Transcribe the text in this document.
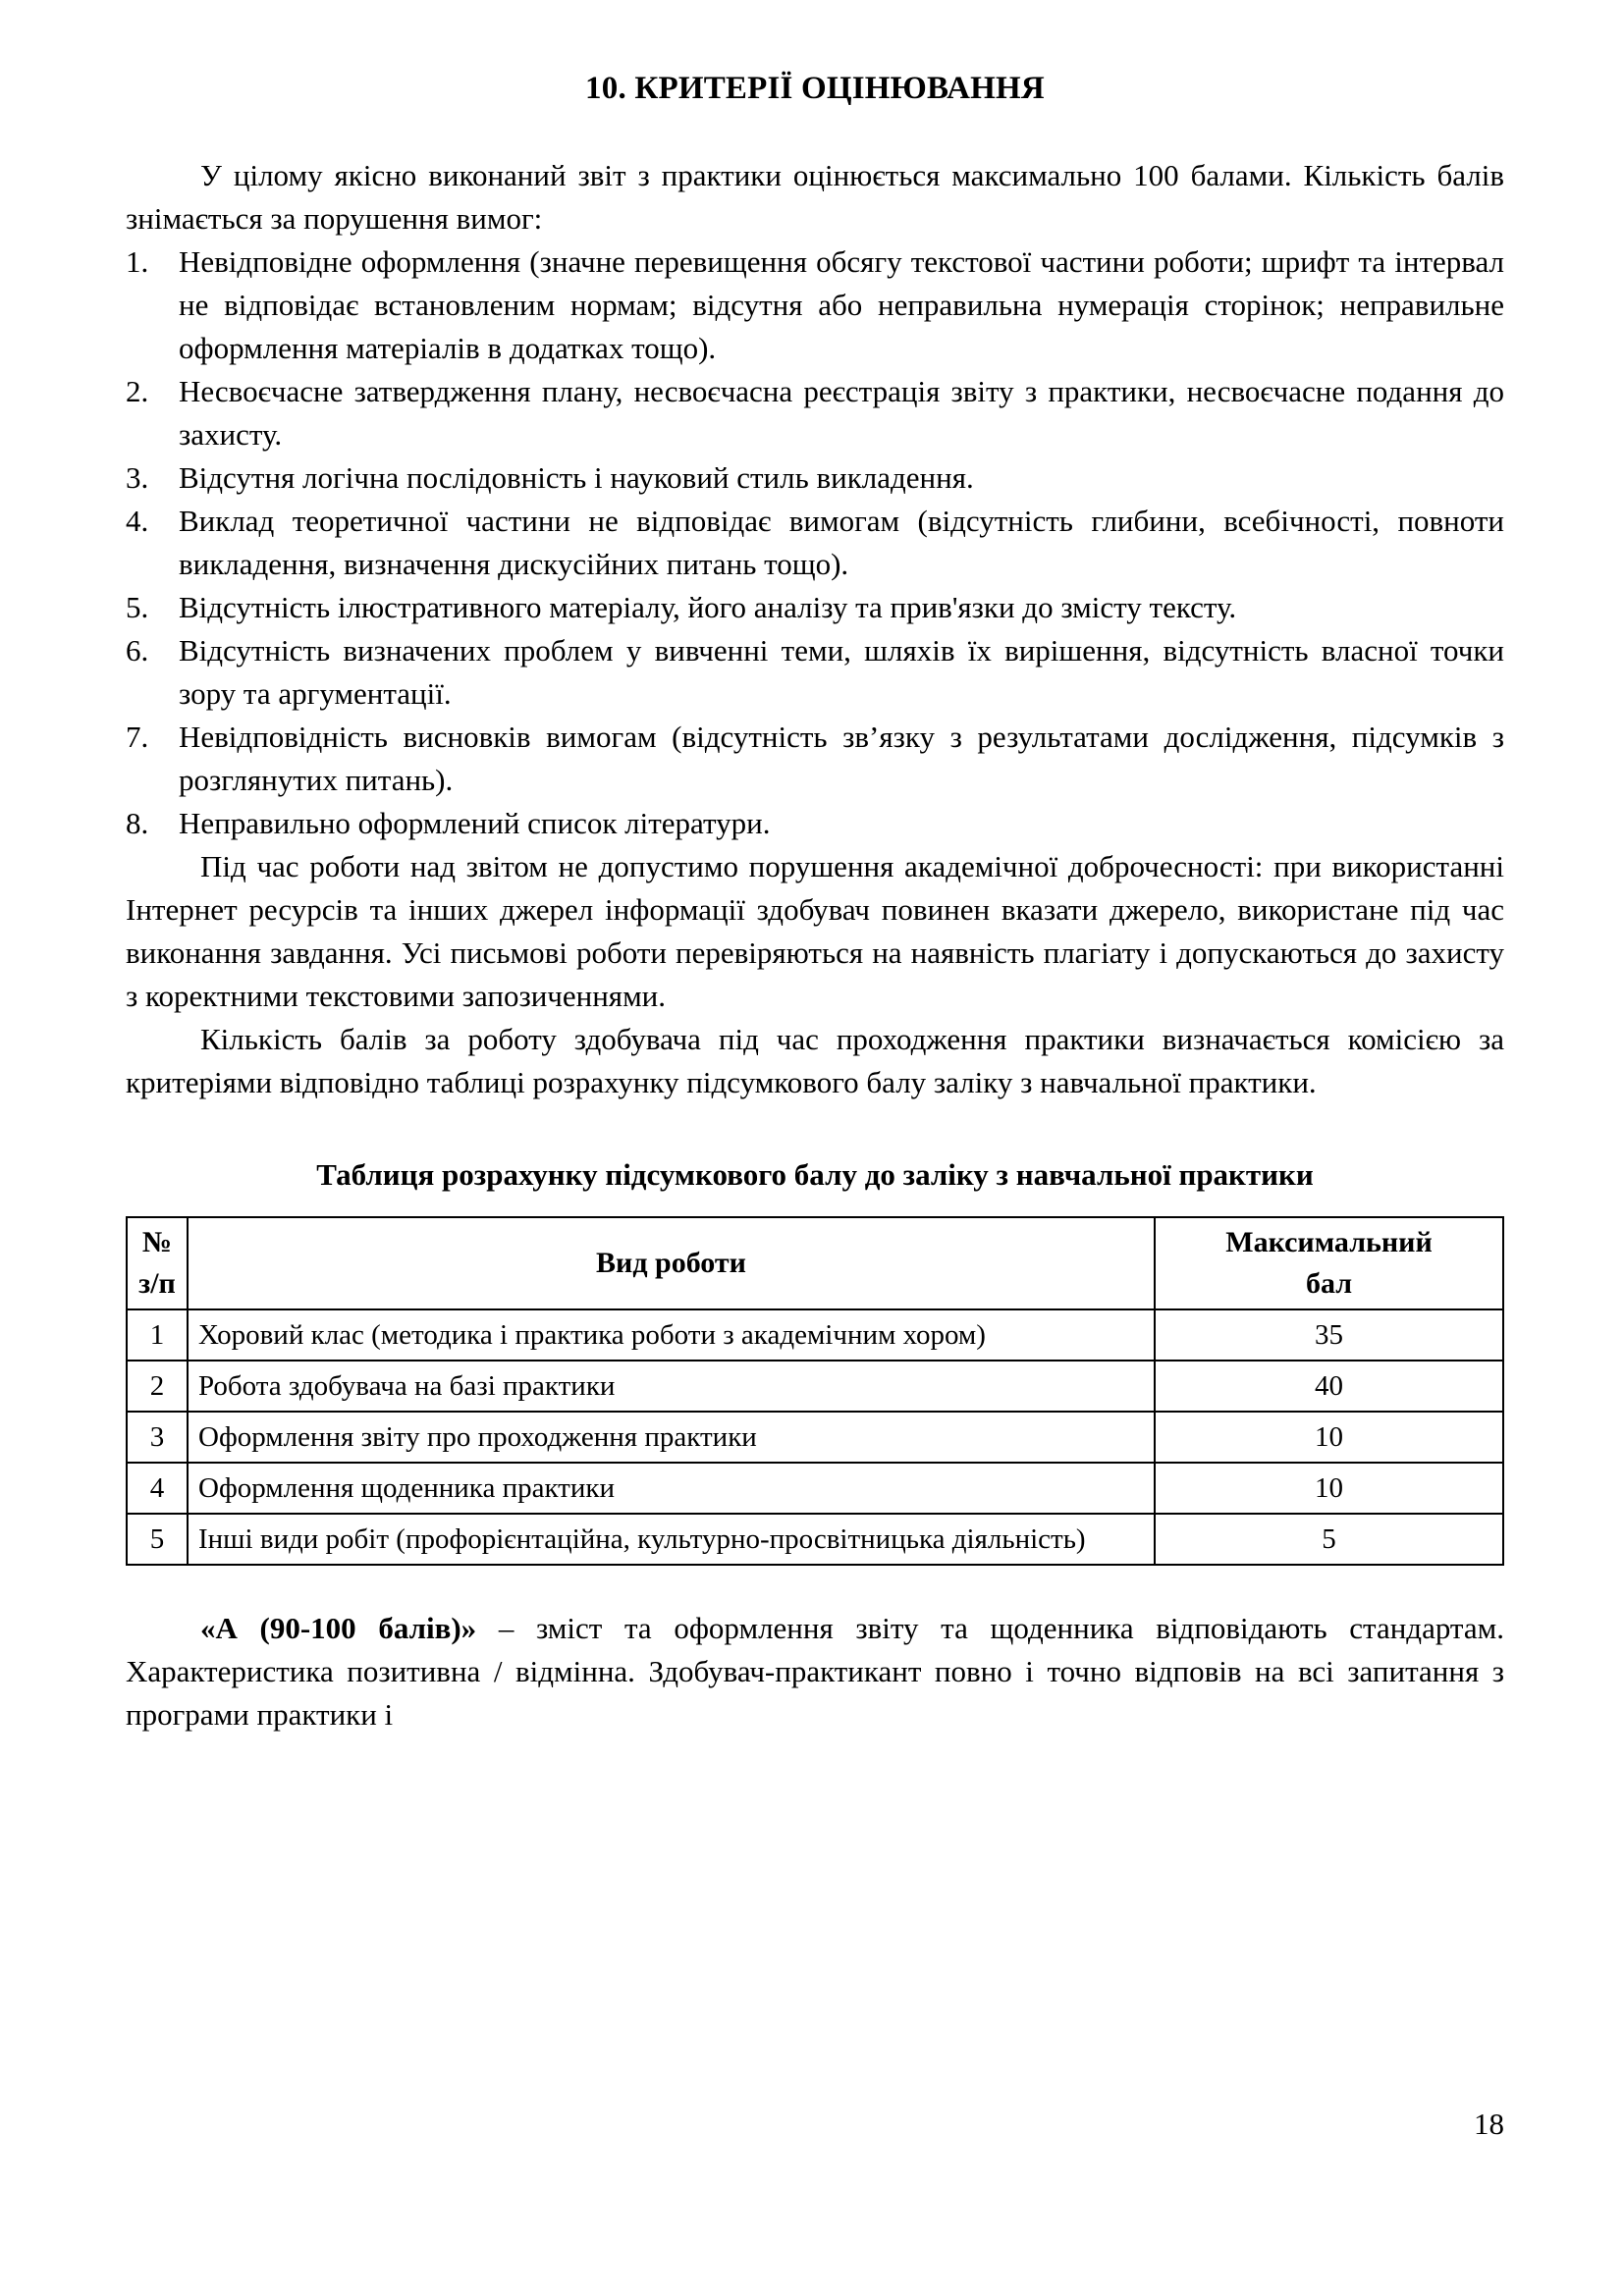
10. КРИТЕРІЇ ОЦІНЮВАННЯ

У цілому якісно виконаний звіт з практики оцінюється максимально 100 балами. Кількість балів знімається за порушення вимог:

1. Невідповідне оформлення (значне перевищення обсягу текстової частини роботи; шрифт та інтервал не відповідає встановленим нормам; відсутня або неправильна нумерація сторінок; неправильне оформлення матеріалів в додатках тощо).
2. Несвоєчасне затвердження плану, несвоєчасна реєстрація звіту з практики, несвоєчасне подання до захисту.
3. Відсутня логічна послідовність і науковий стиль викладення.
4. Виклад теоретичної частини не відповідає вимогам (відсутність глибини, всебічності, повноти викладення, визначення дискусійних питань тощо).
5. Відсутність ілюстративного матеріалу, його аналізу та прив'язки до змісту тексту.
6. Відсутність визначених проблем у вивченні теми, шляхів їх вирішення, відсутність власної точки зору та аргументації.
7. Невідповідність висновків вимогам (відсутність зв’язку з результатами дослідження, підсумків з розглянутих питань).
8. Неправильно оформлений список літератури.

Під час роботи над звітом не допустимо порушення академічної доброчесності: при використанні Інтернет ресурсів та інших джерел інформації здобувач повинен вказати джерело, використане під час виконання завдання. Усі письмові роботи перевіряються на наявність плагіату і допускаються до захисту з коректними текстовими запозиченнями.

Кількість балів за роботу здобувача під час проходження практики визначається комісією за критеріями відповідно таблиці розрахунку підсумкового балу заліку з навчальної практики.

Таблиця розрахунку підсумкового балу до заліку з навчальної практики

№
з/п	Вид роботи	Максимальний
бал
1	Хоровий клас (методика і практика роботи з академічним хором)	35
2	Робота здобувача на базі практики	40
3	Оформлення звіту про проходження практики	10
4	Оформлення щоденника практики	10
5	Інші види робіт (профорієнтаційна, культурно-просвітницька діяльність)	5

«А (90-100 балів)» – зміст та оформлення звіту та щоденника відповідають стандартам. Характеристика позитивна / відмінна. Здобувач-практикант повно і точно відповів на всі запитання з програми практики і

18
